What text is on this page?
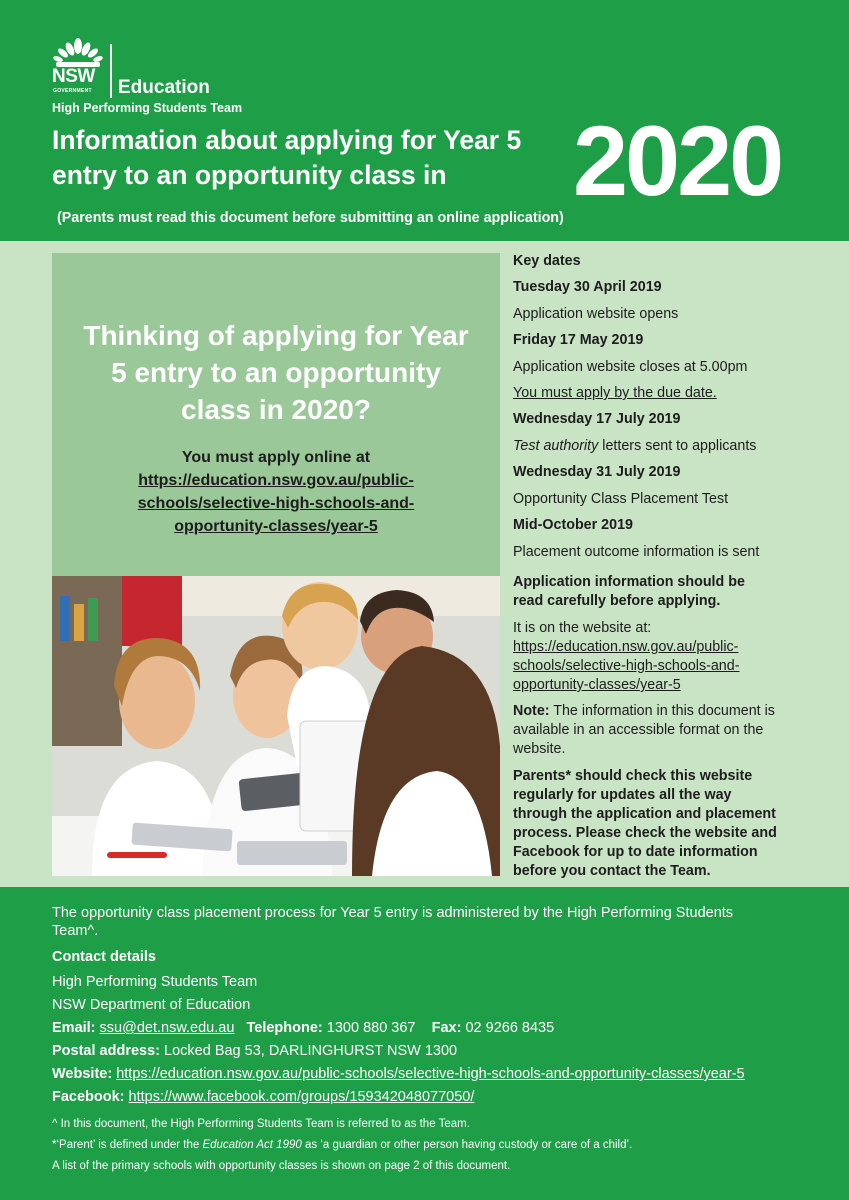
NSW
GOVERNMENT Education
High Performing Students Team
Information about applying for Year 5
entry to an opportunity class in	2020
(Parents must read this document before submitting an online application)
Thinking of applying for Year
5 entry to an opportunity
class in 2020?
You must apply online at
https://education.nsw.gov.au/public-
schools/selective-high-schools-and-
opportunity-classes/year-5
Key dates
Tuesday 30 April 2019
Application website opens
Friday 17 May 2019
Application website closes at 5.00pm
You must apply by the due date.
Wednesday 17 July 2019
Test authority letters sent to applicants
Wednesday 31 July 2019
Opportunity Class Placement Test
Mid-October 2019
Placement outcome information is sent
Application information should be
read carefully before applying.
It is on the website at:
https://education.nsw.gov.au/public-
schools/selective-high-schools-and-
opportunity-classes/year-5
Note: The information in this document is
available in an accessible format on the
website.
Parents* should check this website
regularly for updates all the way
through the application and placement
process. Please check the website and
Facebook for up to date information
before you contact the Team.
The opportunity class placement process for Year 5 entry is administered by the High Performing Students
Team^.
Contact details
High Performing Students Team
NSW Department of Education
Email: ssu@det.nsw.edu.au Telephone: 1300 880 367 Fax: 02 9266 8435
Postal address: Locked Bag 53, DARLINGHURST NSW 1300
Website: https://education.nsw.gov.au/public-schools/selective-high-schools-and-opportunity-classes/year-5
Facebook: https://www.facebook.com/groups/159342048077050/
^ In this document, the High Performing Students Team is referred to as the Team.
*‘Parent’ is defined under the Education Act 1990 as ‘a guardian or other person having custody or care of a child’.
A list of the primary schools with opportunity classes is shown on page 2 of this document.
